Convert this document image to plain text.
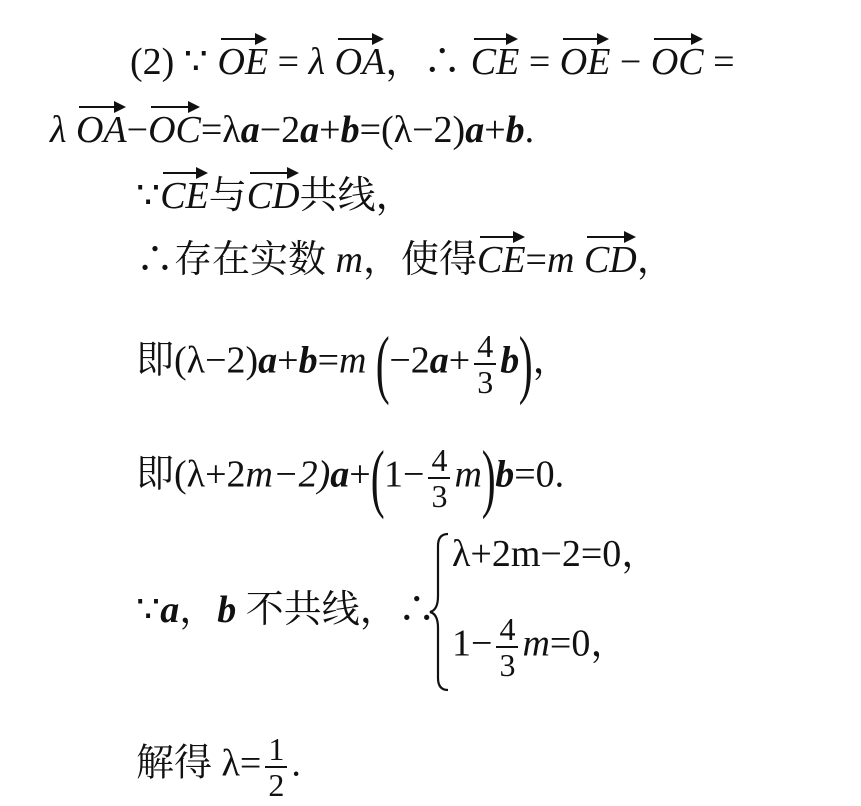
(2) ∵ OE = λ OA，∴ CE = OE − OC =
λ OA−OC=λa−2a+b=(λ−2)a+b.
∵CE与CD共线，
∴存在实数 m，使得CE=m CD，
即(λ−2)a+b=m $(-2a+ \frac{4}{3} b)$，
即$(\lambda+2m-2)a+(1- \frac{4}{3} m)b=0$.
∵a，b 不共线，∴
λ+2m−2=0，
$1- \frac{4}{3} m=0$，
解得 $\lambda= \frac{1}{2}$ .
